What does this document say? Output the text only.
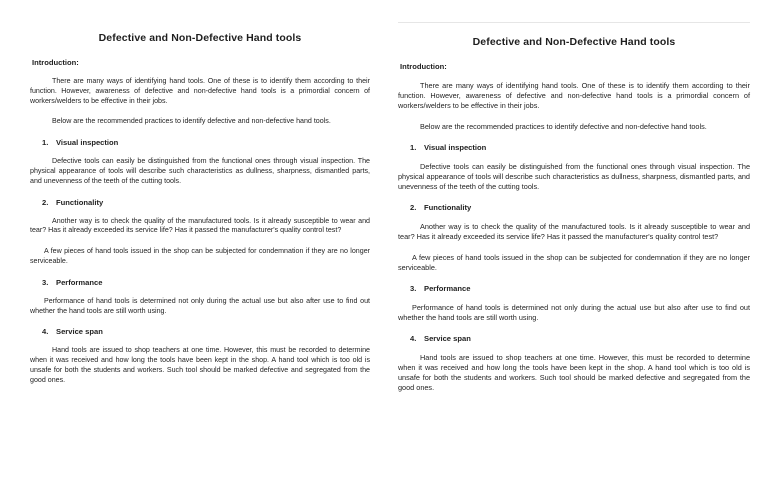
Defective and Non-Defective Hand tools
Introduction:

There are many ways of identifying hand tools. One of these is to identify them according to their function. However, awareness of defective and non-defective hand tools is a primordial concern of workers/welders to be effective in their jobs.

Below are the recommended practices to identify defective and non-defective hand tools.

1. Visual inspection

Defective tools can easily be distinguished from the functional ones through visual inspection. The physical appearance of tools will describe such characteristics as dullness, sharpness, dismantled parts, and unevenness of the teeth of the cutting tools.

2. Functionality

Another way is to check the quality of the manufactured tools. Is it already susceptible to wear and tear? Has it already exceeded its service life? Has it passed the manufacturer's quality control test?

A few pieces of hand tools issued in the shop can be subjected for condemnation if they are no longer serviceable.

3. Performance

Performance of hand tools is determined not only during the actual use but also after use to find out whether the hand tools are still worth using.

4. Service span

Hand tools are issued to shop teachers at one time. However, this must be recorded to determine when it was received and how long the tools have been kept in the shop. A hand tool which is too old is unsafe for both the students and workers. Such tool should be marked defective and segregated from the good ones.

Defective and Non-Defective Hand tools
Introduction:

There are many ways of identifying hand tools. One of these is to identify them according to their function. However, awareness of defective and non-defective hand tools is a primordial concern of workers/welders to be effective in their jobs.

Below are the recommended practices to identify defective and non-defective hand tools.

1. Visual inspection

Defective tools can easily be distinguished from the functional ones through visual inspection. The physical appearance of tools will describe such characteristics as dullness, sharpness, dismantled parts, and unevenness of the teeth of the cutting tools.

2. Functionality

Another way is to check the quality of the manufactured tools. Is it already susceptible to wear and tear? Has it already exceeded its service life? Has it passed the manufacturer's quality control test?

A few pieces of hand tools issued in the shop can be subjected for condemnation if they are no longer serviceable.

3. Performance

Performance of hand tools is determined not only during the actual use but also after use to find out whether the hand tools are still worth using.

4. Service span

Hand tools are issued to shop teachers at one time. However, this must be recorded to determine when it was received and how long the tools have been kept in the shop. A hand tool which is too old is unsafe for both the students and workers. Such tool should be marked defective and segregated from the good ones.
